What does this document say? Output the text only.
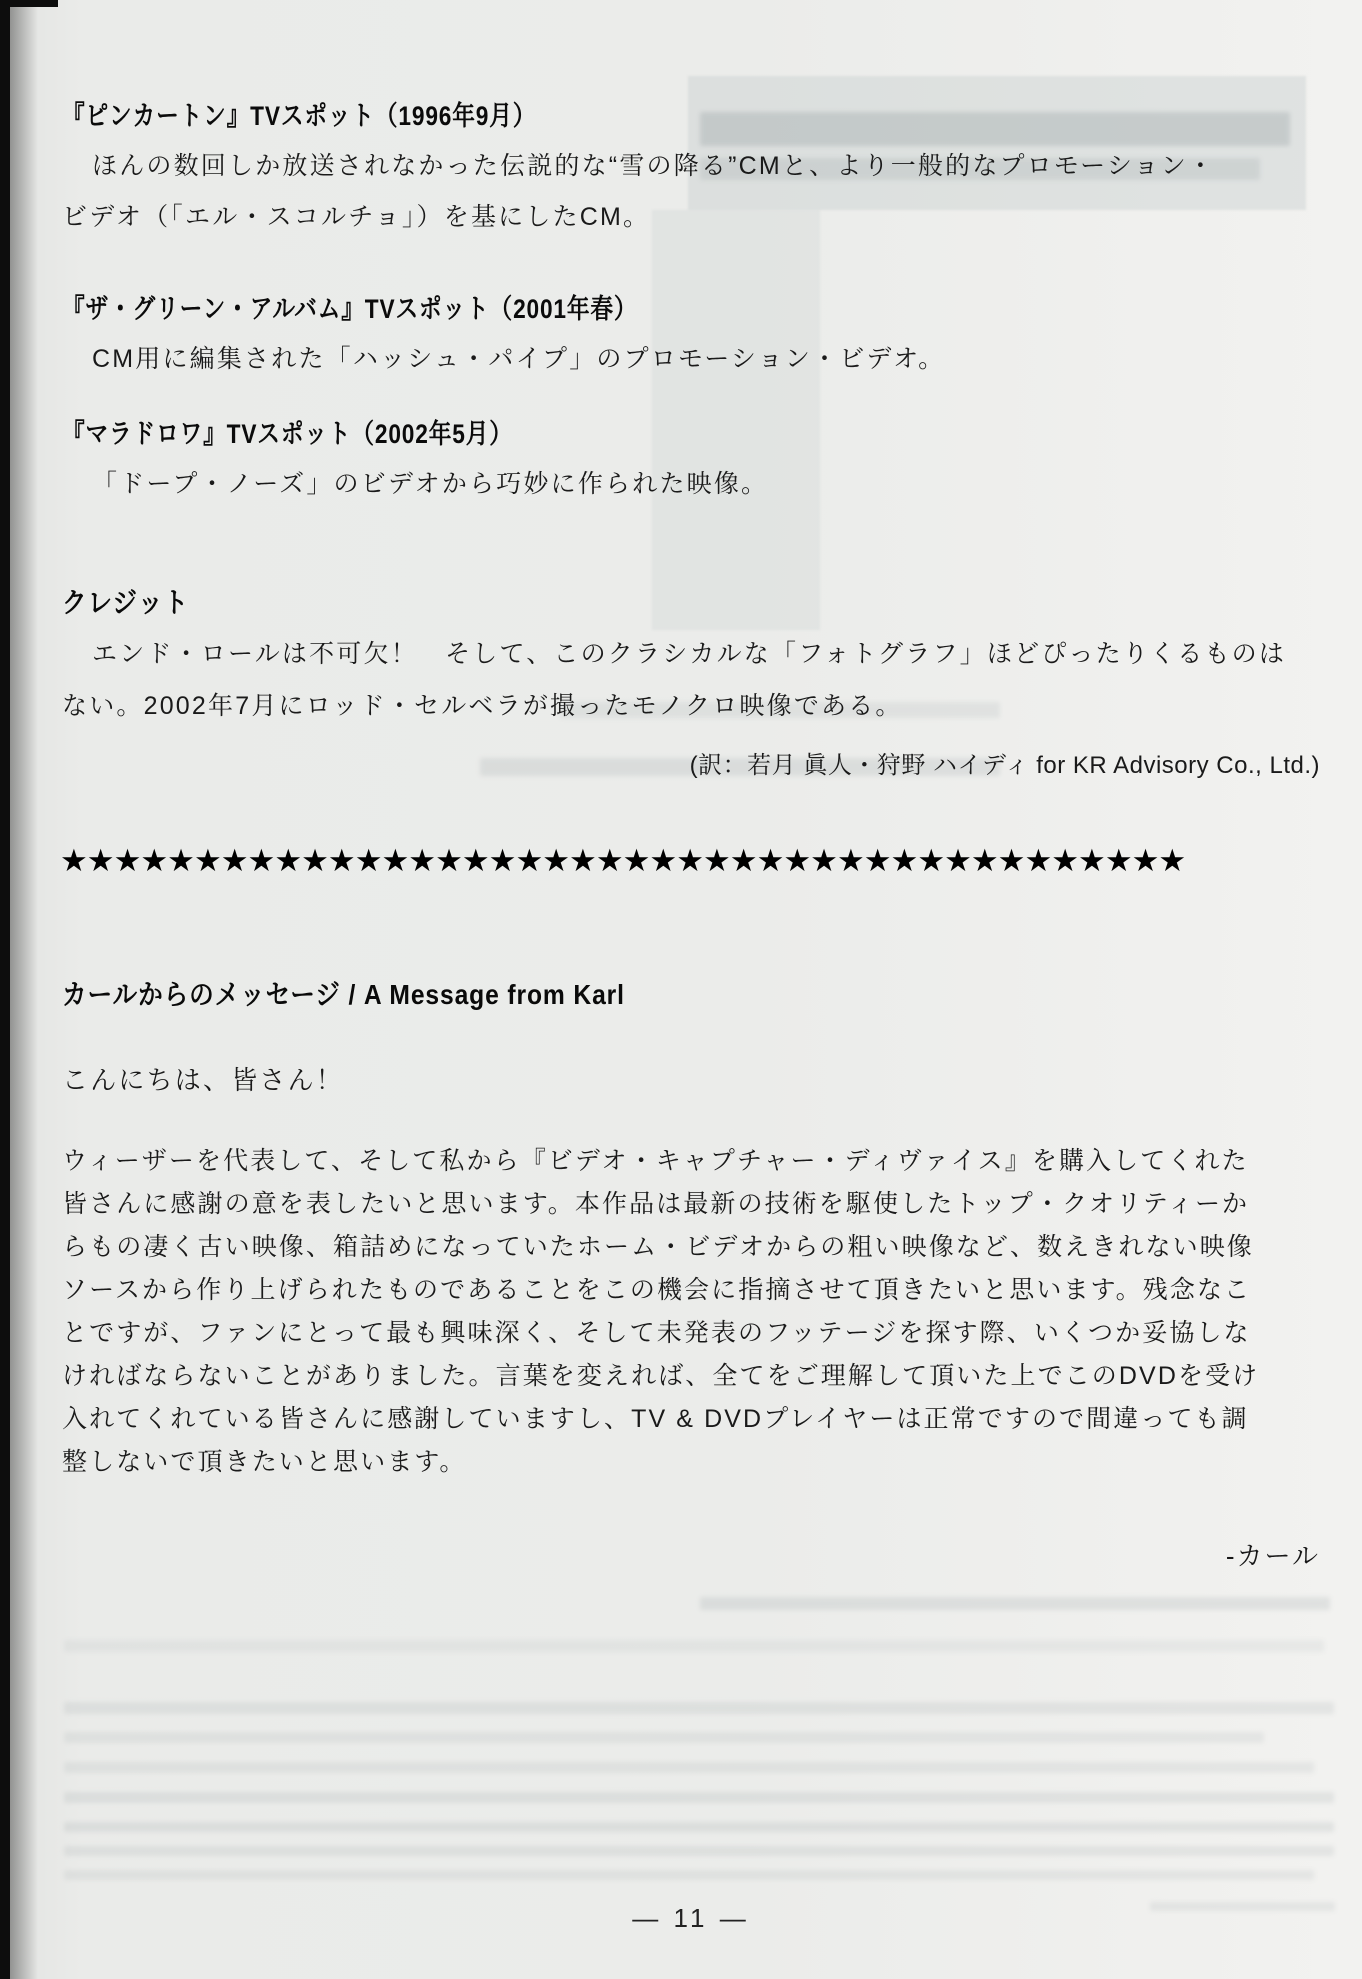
『ピンカートン』TVスポット（1996年9月）
ほんの数回しか放送されなかった伝説的な“雪の降る”CMと、より一般的なプロモーション・
ビデオ（「エル・スコルチョ」）を基にしたCM。
『ザ・グリーン・アルバム』TVスポット（2001年春）
CM用に編集された「ハッシュ・パイプ」のプロモーション・ビデオ。
『マラドロワ』TVスポット（2002年5月）
「ドープ・ノーズ」のビデオから巧妙に作られた映像。
クレジット
エンド・ロールは不可欠！　そして、このクラシカルな「フォトグラフ」ほどぴったりくるものは
ない。2002年7月にロッド・セルベラが撮ったモノクロ映像である。
(訳：若月 眞人・狩野 ハイディ for KR Advisory Co., Ltd.)
★★★★★★★★★★★★★★★★★★★★★★★★★★★★★★★★★★★★★★★★★★
カールからのメッセージ / A Message from Karl
こんにちは、皆さん！
ウィーザーを代表して、そして私から『ビデオ・キャプチャー・ディヴァイス』を購入してくれた
皆さんに感謝の意を表したいと思います。本作品は最新の技術を駆使したトップ・クオリティーか
らもの凄く古い映像、箱詰めになっていたホーム・ビデオからの粗い映像など、数えきれない映像
ソースから作り上げられたものであることをこの機会に指摘させて頂きたいと思います。残念なこ
とですが、ファンにとって最も興味深く、そして未発表のフッテージを探す際、いくつか妥協しな
ければならないことがありました。言葉を変えれば、全てをご理解して頂いた上でこのDVDを受け
入れてくれている皆さんに感謝していますし、TV & DVDプレイヤーは正常ですので間違っても調
整しないで頂きたいと思います。
-カール
— 11 —
